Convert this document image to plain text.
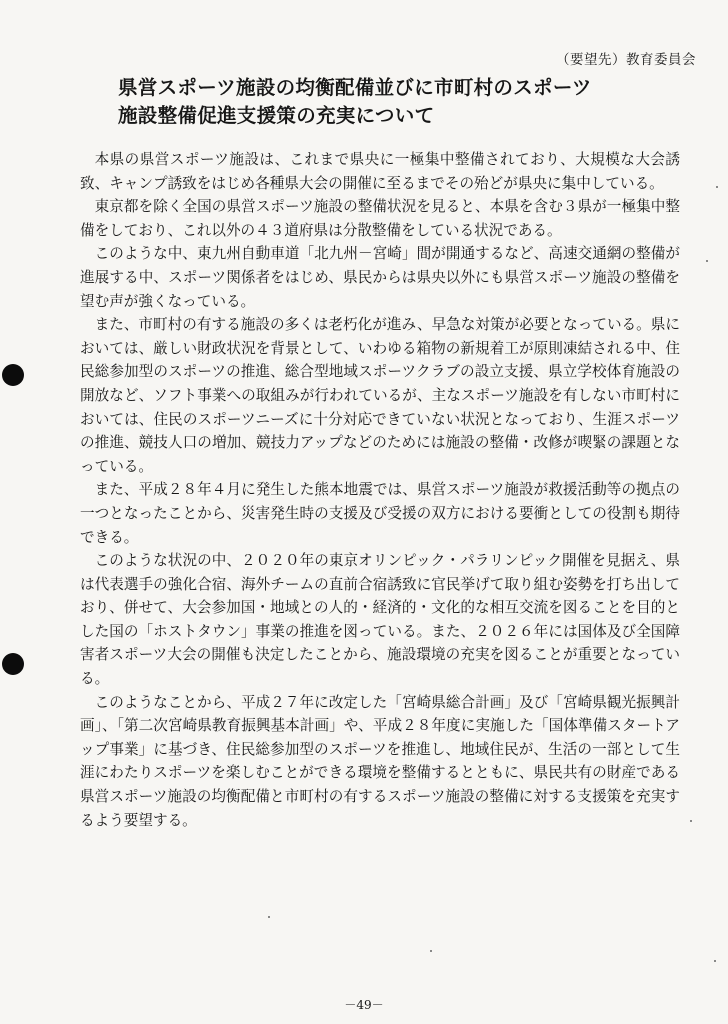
（要望先）教育委員会
県営スポーツ施設の均衡配備並びに市町村のスポーツ
施設整備促進支援策の充実について

本県の県営スポーツ施設は、これまで県央に一極集中整備されており、大規模な大会誘致、キャンプ誘致をはじめ各種県大会の開催に至るまでその殆どが県央に集中している。

東京都を除く全国の県営スポーツ施設の整備状況を見ると、本県を含む３県が一極集中整備をしており、これ以外の４３道府県は分散整備をしている状況である。

このような中、東九州自動車道「北九州－宮崎」間が開通するなど、高速交通網の整備が進展する中、スポーツ関係者をはじめ、県民からは県央以外にも県営スポーツ施設の整備を望む声が強くなっている。

また、市町村の有する施設の多くは老朽化が進み、早急な対策が必要となっている。県においては、厳しい財政状況を背景として、いわゆる箱物の新規着工が原則凍結される中、住民総参加型のスポーツの推進、総合型地域スポーツクラブの設立支援、県立学校体育施設の開放など、ソフト事業への取組みが行われているが、主なスポーツ施設を有しない市町村においては、住民のスポーツニーズに十分対応できていない状況となっており、生涯スポーツの推進、競技人口の増加、競技力アップなどのためには施設の整備・改修が喫緊の課題となっている。

また、平成２８年４月に発生した熊本地震では、県営スポーツ施設が救援活動等の拠点の一つとなったことから、災害発生時の支援及び受援の双方における要衝としての役割も期待できる。

このような状況の中、２０２０年の東京オリンピック・パラリンピック開催を見据え、県は代表選手の強化合宿、海外チームの直前合宿誘致に官民挙げて取り組む姿勢を打ち出しており、併せて、大会参加国・地域との人的・経済的・文化的な相互交流を図ることを目的とした国の「ホストタウン」事業の推進を図っている。また、２０２６年には国体及び全国障害者スポーツ大会の開催も決定したことから、施設環境の充実を図ることが重要となっている。

このようなことから、平成２７年に改定した「宮崎県総合計画」及び「宮崎県観光振興計画」、「第二次宮崎県教育振興基本計画」や、平成２８年度に実施した「国体準備スタートアップ事業」に基づき、住民総参加型のスポーツを推進し、地域住民が、生活の一部として生涯にわたりスポーツを楽しむことができる環境を整備するとともに、県民共有の財産である県営スポーツ施設の均衡配備と市町村の有するスポーツ施設の整備に対する支援策を充実するよう要望する。

－49－
